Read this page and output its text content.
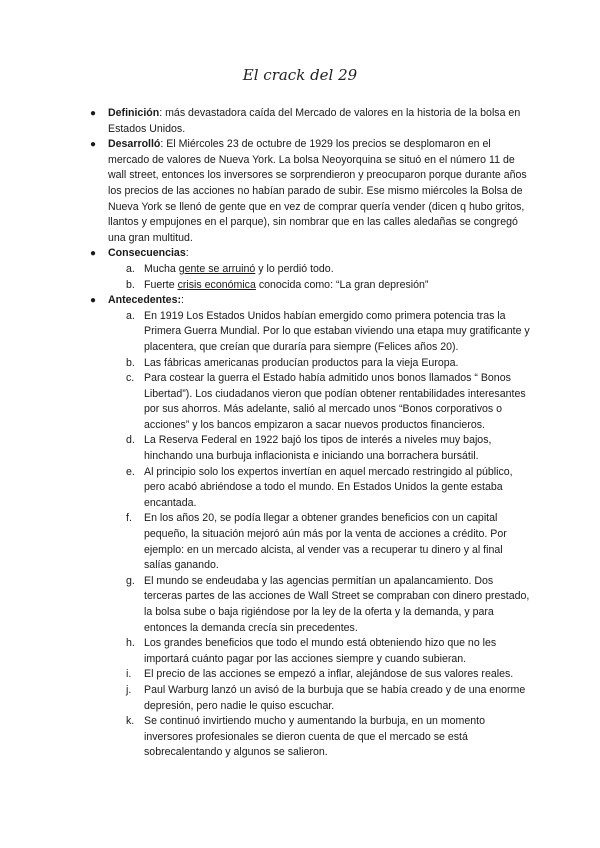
El crack del 29

● Definición: más devastadora caída del Mercado de valores en la historia de la bolsa en Estados Unidos.

● Desarrolló: El Miércoles 23 de octubre de 1929 los precios se desplomaron en el mercado de valores de Nueva York. La bolsa Neoyorquina se situó en el número 11 de wall street, entonces los inversores se sorprendieron y preocuparon porque durante años los precios de las acciones no habían parado de subir. Ese mismo miércoles la Bolsa de Nueva York se llenó de gente que en vez de comprar quería vender (dicen q hubo gritos, llantos y empujones en el parque), sin nombrar que en las calles aledañas se congregó una gran multitud.

● Consecuencias:

a. Mucha gente se arruinó y lo perdió todo.

b. Fuerte crisis económica conocida como: “La gran depresión”

● Antecedentes::

a. En 1919 Los Estados Unidos habían emergido como primera potencia tras la Primera Guerra Mundial. Por lo que estaban viviendo una etapa muy gratificante y placentera, que creían que duraría para siempre (Felices años 20).

b. Las fábricas americanas producían productos para la vieja Europa.

c. Para costear la guerra el Estado había admitido unos bonos llamados “ Bonos Libertad”). Los ciudadanos vieron que podían obtener rentabilidades interesantes por sus ahorros. Más adelante, salió al mercado unos “Bonos corporativos o acciones” y los bancos empizaron a sacar nuevos productos financieros.

d. La Reserva Federal en 1922 bajó los tipos de interés a niveles muy bajos, hinchando una burbuja inflacionista e iniciando una borrachera bursátil.

e. Al principio solo los expertos invertían en aquel mercado restringido al público, pero acabó abriéndose a todo el mundo. En Estados Unidos la gente estaba encantada.

f. En los años 20, se podía llegar a obtener grandes beneficios con un capital pequeño, la situación mejoró aún más por la venta de acciones a crédito. Por ejemplo: en un mercado alcista, al vender vas a recuperar tu dinero y al final salías ganando.

g. El mundo se endeudaba y las agencias permitían un apalancamiento. Dos terceras partes de las acciones de Wall Street se compraban con dinero prestado, la bolsa sube o baja rigiéndose por la ley de la oferta y la demanda, y para entonces la demanda crecía sin precedentes.

h. Los grandes beneficios que todo el mundo está obteniendo hizo que no les importará cuánto pagar por las acciones siempre y cuando subieran.

i. El precio de las acciones se empezó a inflar, alejándose de sus valores reales.

j. Paul Warburg lanzó un avisó de la burbuja que se había creado y de una enorme depresión, pero nadie le quiso escuchar.

k. Se continuó invirtiendo mucho y aumentando la burbuja, en un momento inversores profesionales se dieron cuenta de que el mercado se está sobrecalentando y algunos se salieron.
